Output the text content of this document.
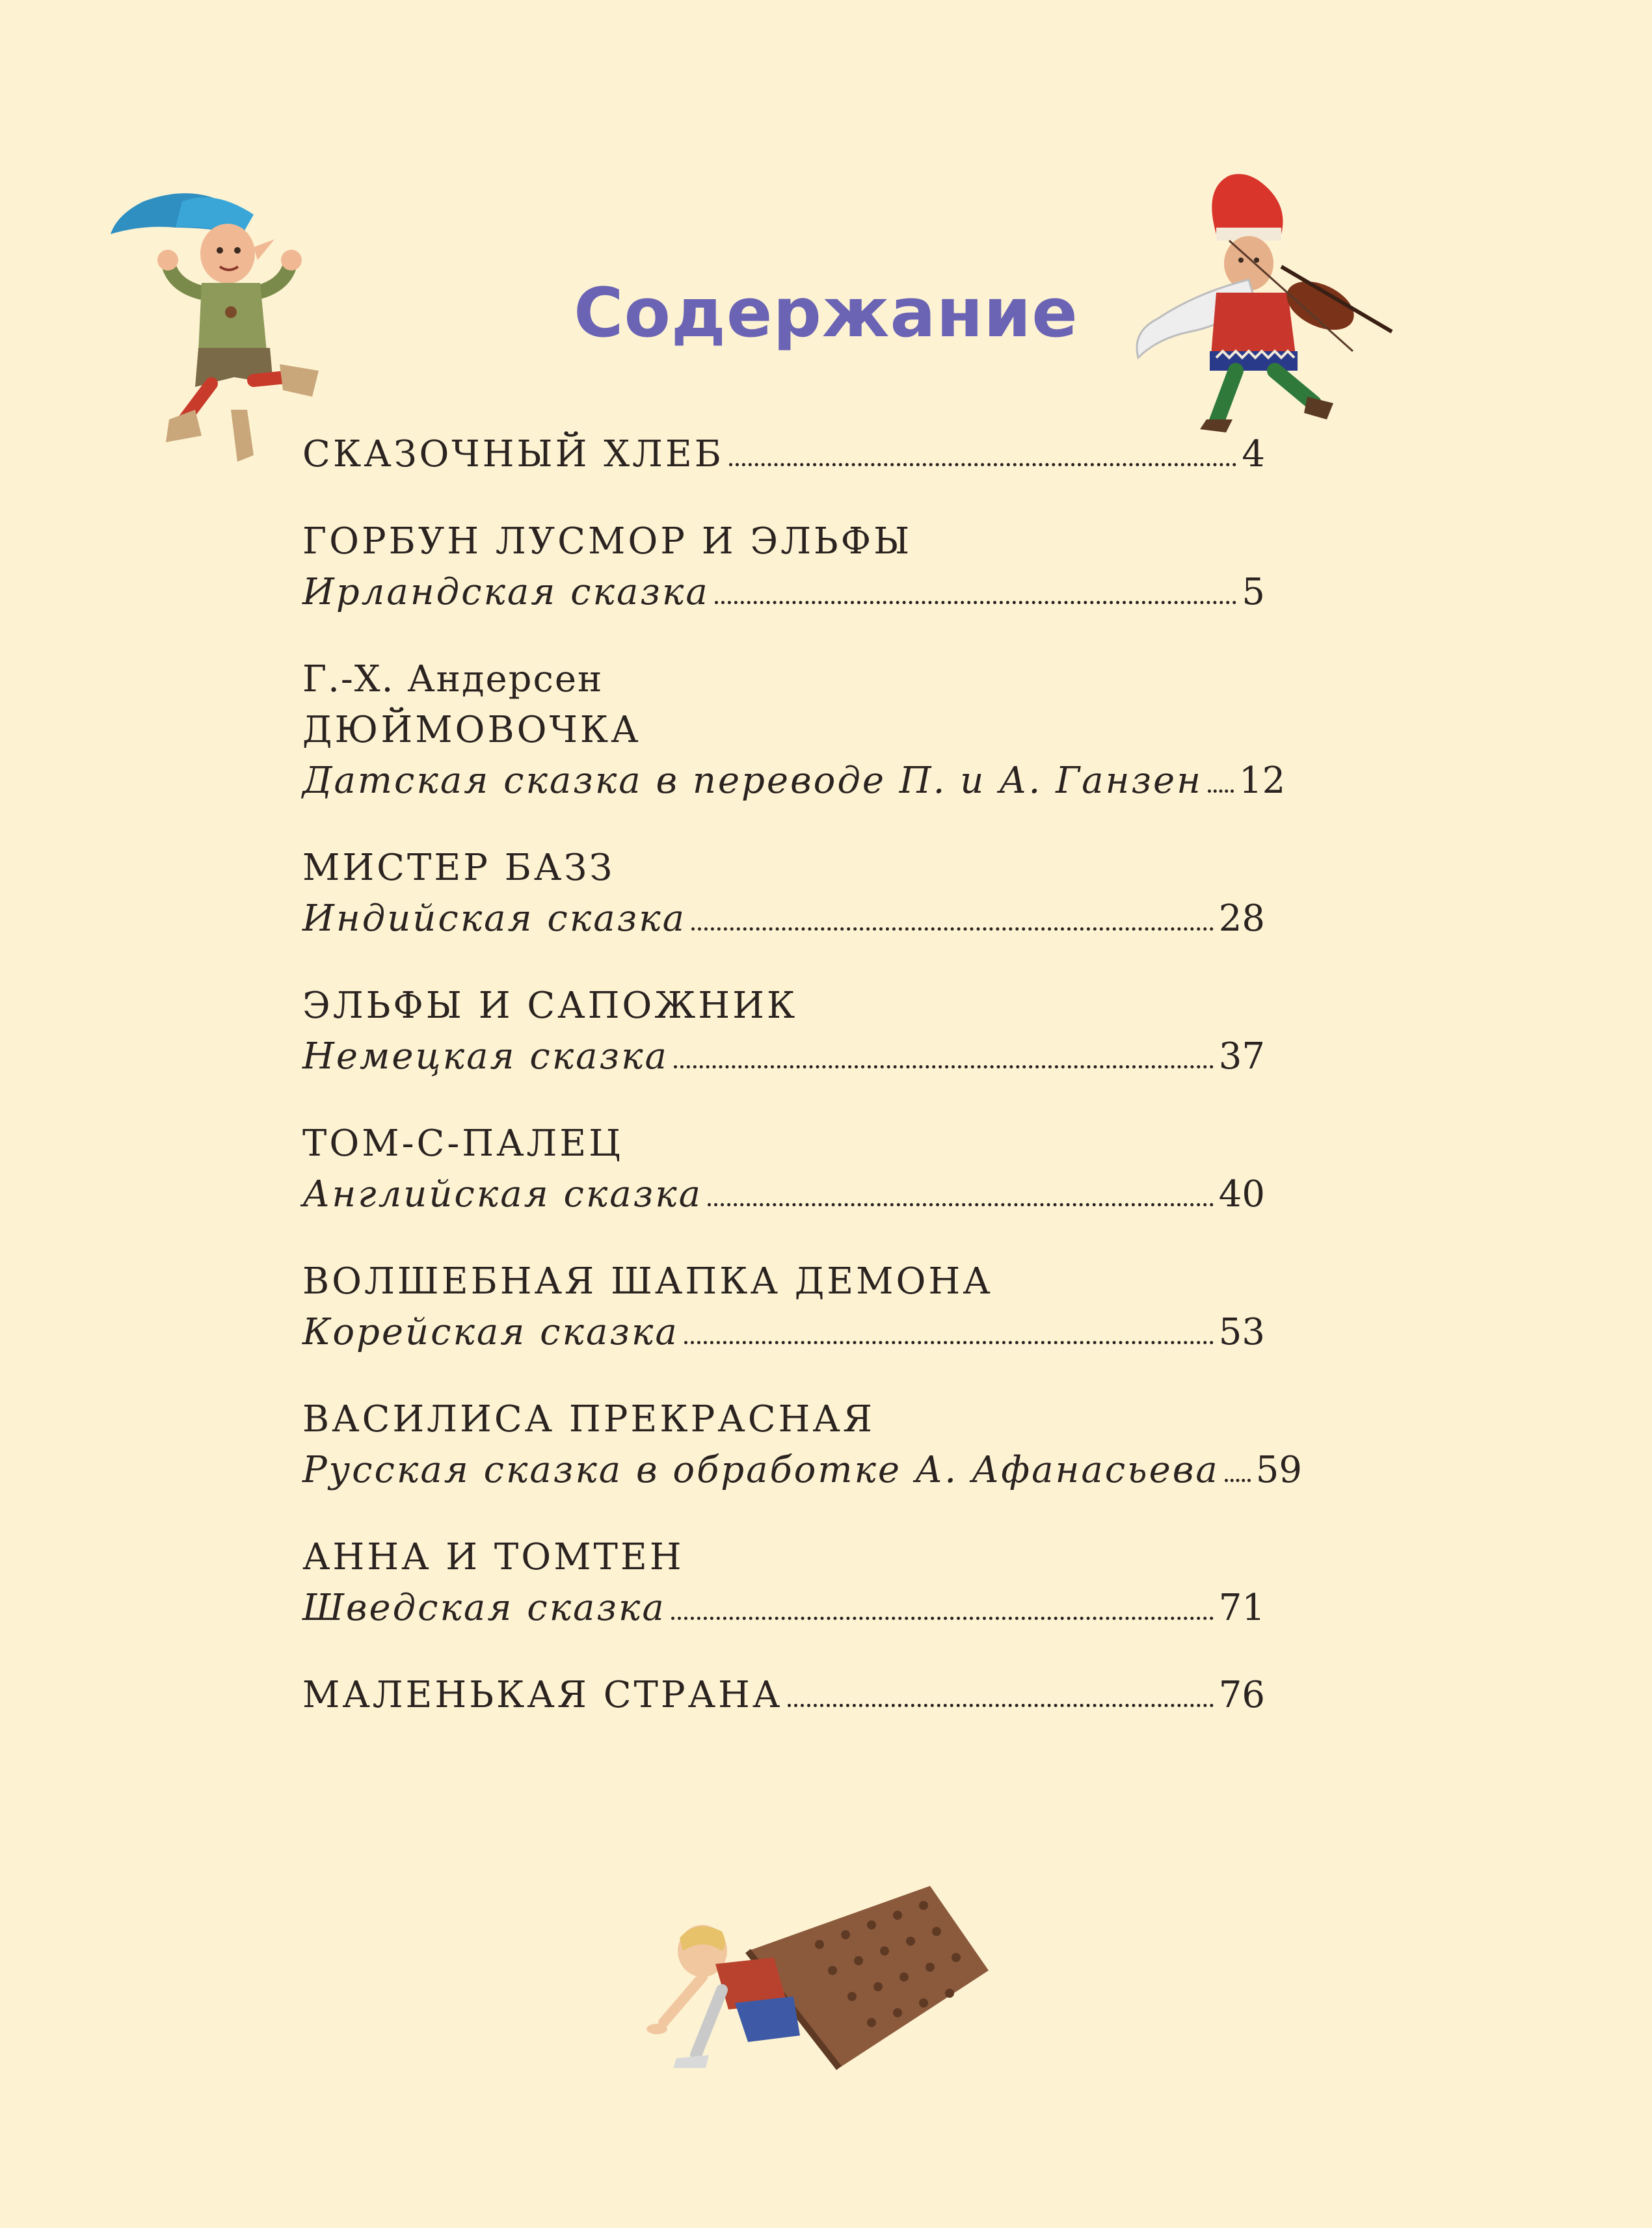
Содержание
СКАЗОЧНЫЙ ХЛЕБ	4
ГОРБУН ЛУСМОР И ЭЛЬФЫ
Ирландская сказка	5
Г.-Х. Андерсен
ДЮЙМОВОЧКА
Датская сказка в переводе П. и А. Ганзен 12
МИСТЕР БАЗЗ
Индийская сказка	28
ЭЛЬФЫ И САПОЖНИК
Немецкая сказка	37
ТОМ-С-ПАЛЕЦ
Английская сказка	40
ВОЛШЕБНАЯ ШАПКА ДЕМОНА
Корейская сказка	53
ВАСИЛИСА ПРЕКРАСНАЯ
Русская сказка в обработке А. Афанасьева 59
АННА И ТОМТЕН
Шведская сказка	71
МАЛЕНЬКАЯ СТРАНА	76
